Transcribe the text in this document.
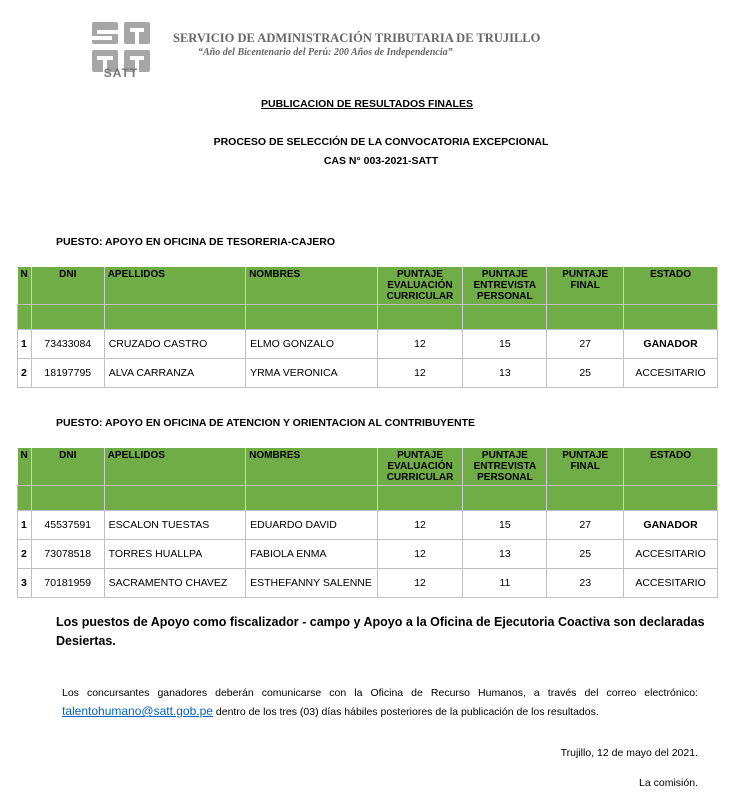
SATT
SERVICIO DE ADMINISTRACIÓN TRIBUTARIA DE TRUJILLO
“Año del Bicentenario del Perú: 200 Años de Independencia”
PUBLICACION DE RESULTADOS FINALES
PROCESO DE SELECCIÓN DE LA CONVOCATORIA EXCEPCIONAL
CAS N° 003-2021-SATT
PUESTO: APOYO EN OFICINA DE TESORERIA-CAJERO
N	DNI	APELLIDOS	NOMBRES	PUNTAJE EVALUACIÓN CURRICULAR	PUNTAJE ENTREVISTA PERSONAL	PUNTAJE FINAL	ESTADO

1	73433084	CRUZADO CASTRO	ELMO GONZALO	12	15	27	GANADOR
2	18197795	ALVA CARRANZA	YRMA VERONICA	12	13	25	ACCESITARIO
PUESTO: APOYO EN OFICINA DE ATENCION Y ORIENTACION AL CONTRIBUYENTE
N	DNI	APELLIDOS	NOMBRES	PUNTAJE EVALUACIÓN CURRICULAR	PUNTAJE ENTREVISTA PERSONAL	PUNTAJE FINAL	ESTADO

1	45537591	ESCALON TUESTAS	EDUARDO DAVID	12	15	27	GANADOR
2	73078518	TORRES HUALLPA	FABIOLA ENMA	12	13	25	ACCESITARIO
3	70181959	SACRAMENTO CHAVEZ	ESTHEFANNY SALENNE	12	11	23	ACCESITARIO
Los puestos de Apoyo como fiscalizador - campo y Apoyo a la Oficina de Ejecutoria Coactiva son declaradas Desiertas.
Los concursantes ganadores deberán comunicarse con la Oficina de Recurso Humanos, a través del correo electrónico: talentohumano@satt.gob.pe dentro de los tres (03) días hábiles posteriores de la publicación de los resultados.
Trujillo, 12 de mayo del 2021.
La comisión.
